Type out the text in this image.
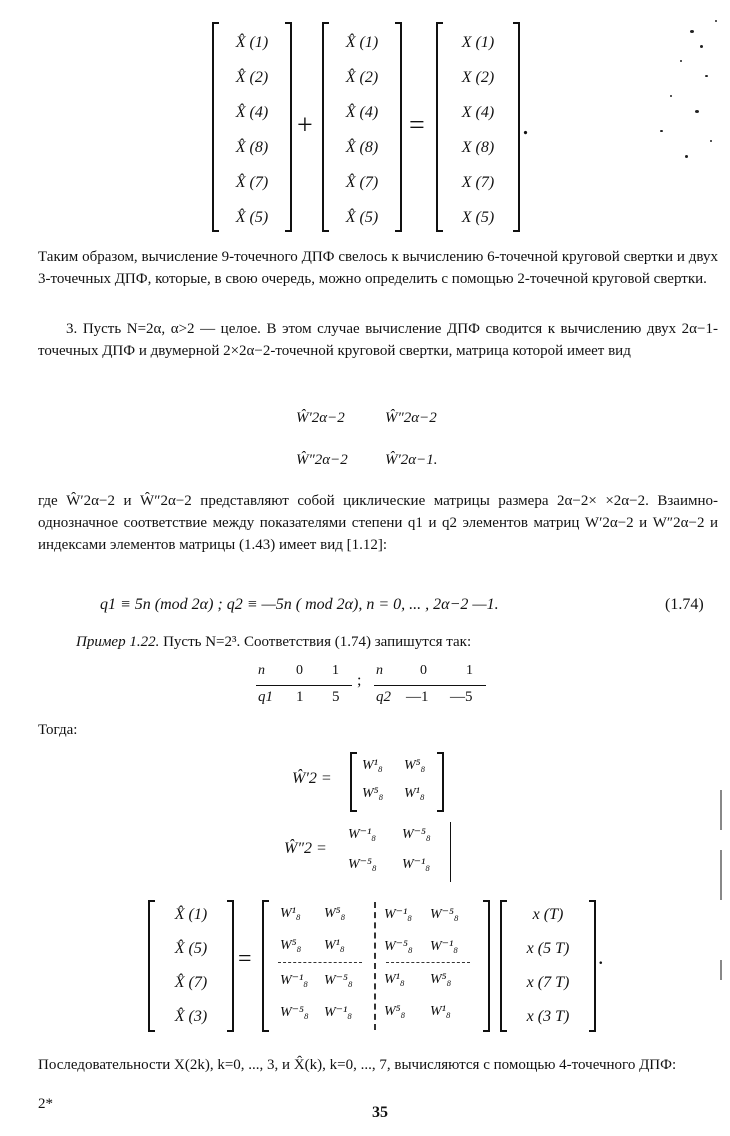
X̂ (1)
X̂ (2)
X̂ (4)
X̂ (8)
X̂ (7)
X̂ (5)
+
X̂ (1)
X̂ (2)
X̂ (4)
X̂ (8)
X̂ (7)
X̂ (5)
=
X (1)
X (2)
X (4)
X (8)
X (7)
X (5)
.
Таким образом, вычисление 9-точечного ДПФ свелось к вычислению 6-точечной круговой свертки и двух 3-точечных ДПФ, которые, в свою очередь, можно определить с помощью 2-точечной круговой свертки.
3. Пусть N=2α, α>2 — целое. В этом случае вычисление ДПФ сводится к вычислению двух 2α−1-точечных ДПФ и двумерной 2×2α−2-точечной круговой свертки, матрица которой имеет вид
Ŵ′2α−2	Ŵ″2α−2
Ŵ″2α−2 Ŵ′2α−1.
где Ŵ′2α−2 и Ŵ″2α−2 представляют собой циклические матрицы размера 2α−2× ×2α−2. Взаимно-однозначное соответствие между показателями степени q1 и q2 элементов матриц W′2α−2 и W″2α−2 и индексами элементов матрицы (1.43) имеет вид [1.12]:
q1 ≡ 5n (mod 2α) ; q2 ≡ —5n ( mod 2α), n = 0, ... , 2α−2 —1.	(1.74)
Пример 1.22. Пусть N=2³. Соответствия (1.74) запишутся так:
n 0 1
q1 1 5
;
n	0	1
q2 —1 —5
Тогда:
Ŵ′2 =
W¹₈ W⁵₈
W⁵₈ W¹₈
Ŵ″2 =
W⁻¹₈ W⁻⁵₈
W⁻⁵₈ W⁻¹₈
X̂ (1)
X̂ (5)
X̂ (7)
X̂ (3)
=
W¹₈ W⁵₈	W⁻¹₈ W⁻⁵₈
W⁵₈ W¹₈	W⁻⁵₈ W⁻¹₈
W⁻¹₈ W⁻⁵₈ W¹₈ W⁵₈
W⁻⁵₈ W⁻¹₈ W⁵₈ W¹₈
x (T)
x (5 T)
x (7 T)
x (3 T)
.
Последовательности X(2k), k=0, ..., 3, и X̂(k), k=0, ..., 7, вычисляются с помощью 4-точечного ДПФ:
2*	35
